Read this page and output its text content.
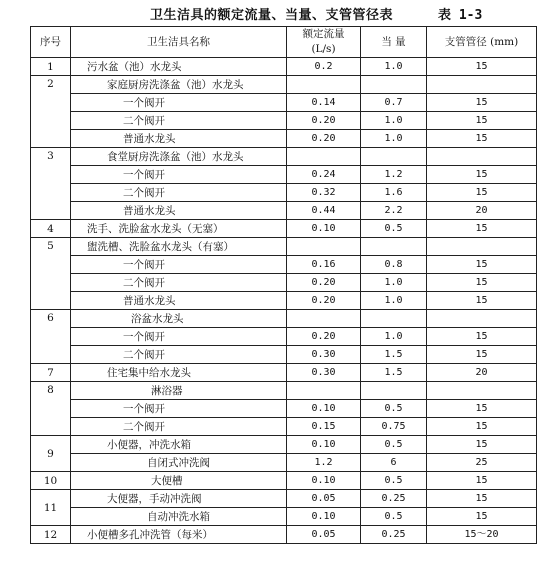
卫生洁具的额定流量、当量、支管管径表	表 1-3
序号	卫生洁具名称	额定流量 (L/s)	当 量	支管管径 (mm)
1	污水盆（池）水龙头	0.2	1.0	15
2	家庭厨房洗涤盆（池）水龙头			
	一个阀开	0.14	0.7	15
	二个阀开	0.20	1.0	15
	普通水龙头	0.20	1.0	15
3	食堂厨房洗涤盆（池）水龙头			
	一个阀开	0.24	1.2	15
	二个阀开	0.32	1.6	15
	普通水龙头	0.44	2.2	20
4	洗手、洗脸盆水龙头（无塞）	0.10	0.5	15
5	盥洗槽、洗脸盆水龙头（有塞）			
	一个阀开	0.16	0.8	15
	二个阀开	0.20	1.0	15
	普通水龙头	0.20	1.0	15
6	浴盆水龙头			
	一个阀开	0.20	1.0	15
	二个阀开	0.30	1.5	15
7	住宅集中给水龙头	0.30	1.5	20
8	淋浴器			
	一个阀开	0.10	0.5	15
	二个阀开	0.15	0.75	15
9	小便器，冲洗水箱	0.10	0.5	15
	自闭式冲洗阀	1.2	6	25
10	大便槽	0.10	0.5	15
11	大便器，手动冲洗阀	0.05	0.25	15
	自动冲洗水箱	0.10	0.5	15
12	小便槽多孔冲洗管（每米）	0.05	0.25	15～20
